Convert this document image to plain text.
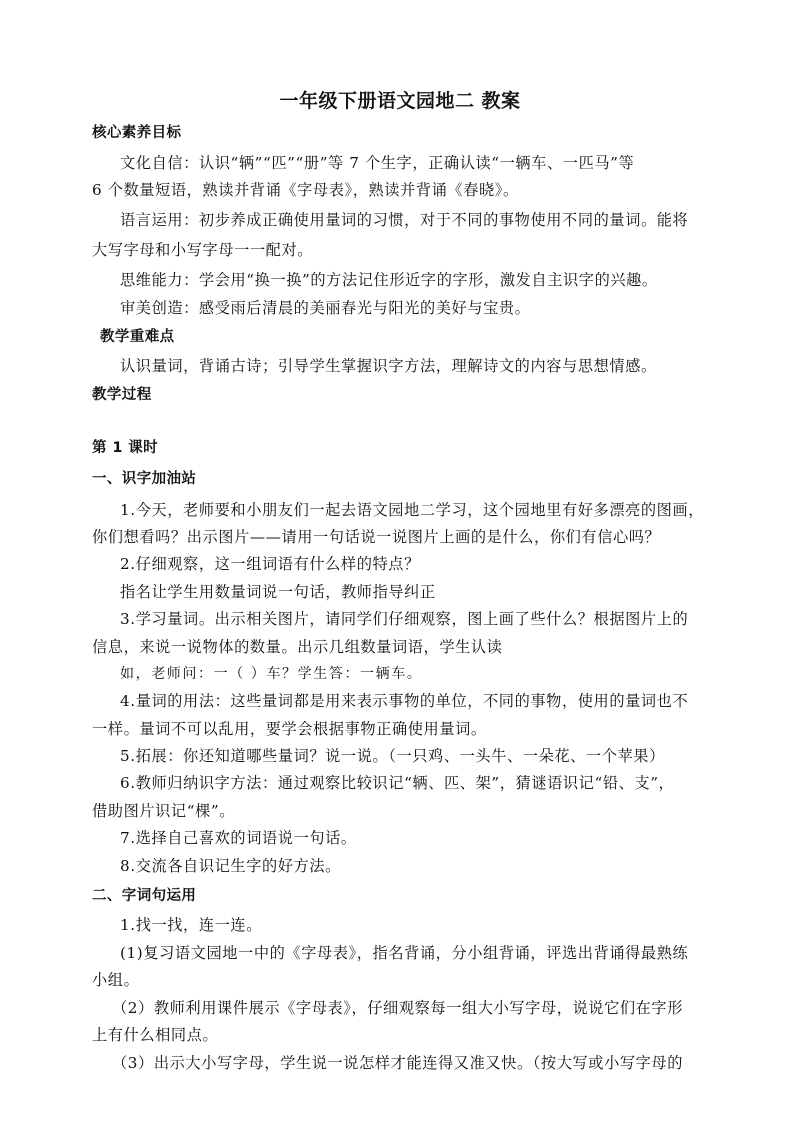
一年级下册语文园地二 教案
核心素养目标
文化自信：认识“辆”“匹”“册”等 7 个生字，正确认读“一辆车、一匹马”等
6 个数量短语，熟读并背诵《字母表》，熟读并背诵《春晓》。
语言运用：初步养成正确使用量词的习惯，对于不同的事物使用不同的量词。能将
大写字母和小写字母一一配对。
思维能力：学会用“换一换”的方法记住形近字的字形，激发自主识字的兴趣。
审美创造：感受雨后清晨的美丽春光与阳光的美好与宝贵。
教学重难点
认识量词，背诵古诗；引导学生掌握识字方法，理解诗文的内容与思想情感。
教学过程
第 1 课时
一、识字加油站
1.今天，老师要和小朋友们一起去语文园地二学习，这个园地里有好多漂亮的图画，
你们想看吗？出示图片——请用一句话说一说图片上画的是什么，你们有信心吗？
2.仔细观察，这一组词语有什么样的特点？
指名让学生用数量词说一句话，教师指导纠正
3.学习量词。出示相关图片，请同学们仔细观察，图上画了些什么？根据图片上的
信息，来说一说物体的数量。出示几组数量词语，学生认读
如，老师问：一（ ）车？学生答：一辆车。
4.量词的用法：这些量词都是用来表示事物的单位，不同的事物，使用的量词也不
一样。量词不可以乱用，要学会根据事物正确使用量词。
5.拓展：你还知道哪些量词？说一说。（一只鸡、一头牛、一朵花、一个苹果）
6.教师归纳识字方法：通过观察比较识记“辆、匹、架”，猜谜语识记“铅、支”，
借助图片识记“棵”。
7.选择自己喜欢的词语说一句话。
8.交流各自识记生字的好方法。
二、字词句运用
1.找一找，连一连。
(1)复习语文园地一中的《字母表》，指名背诵，分小组背诵，评选出背诵得最熟练
小组。
（2）教师利用课件展示《字母表》，仔细观察每一组大小写字母，说说它们在字形
上有什么相同点。
（3）出示大小写字母，学生说一说怎样才能连得又准又快。（按大写或小写字母的
